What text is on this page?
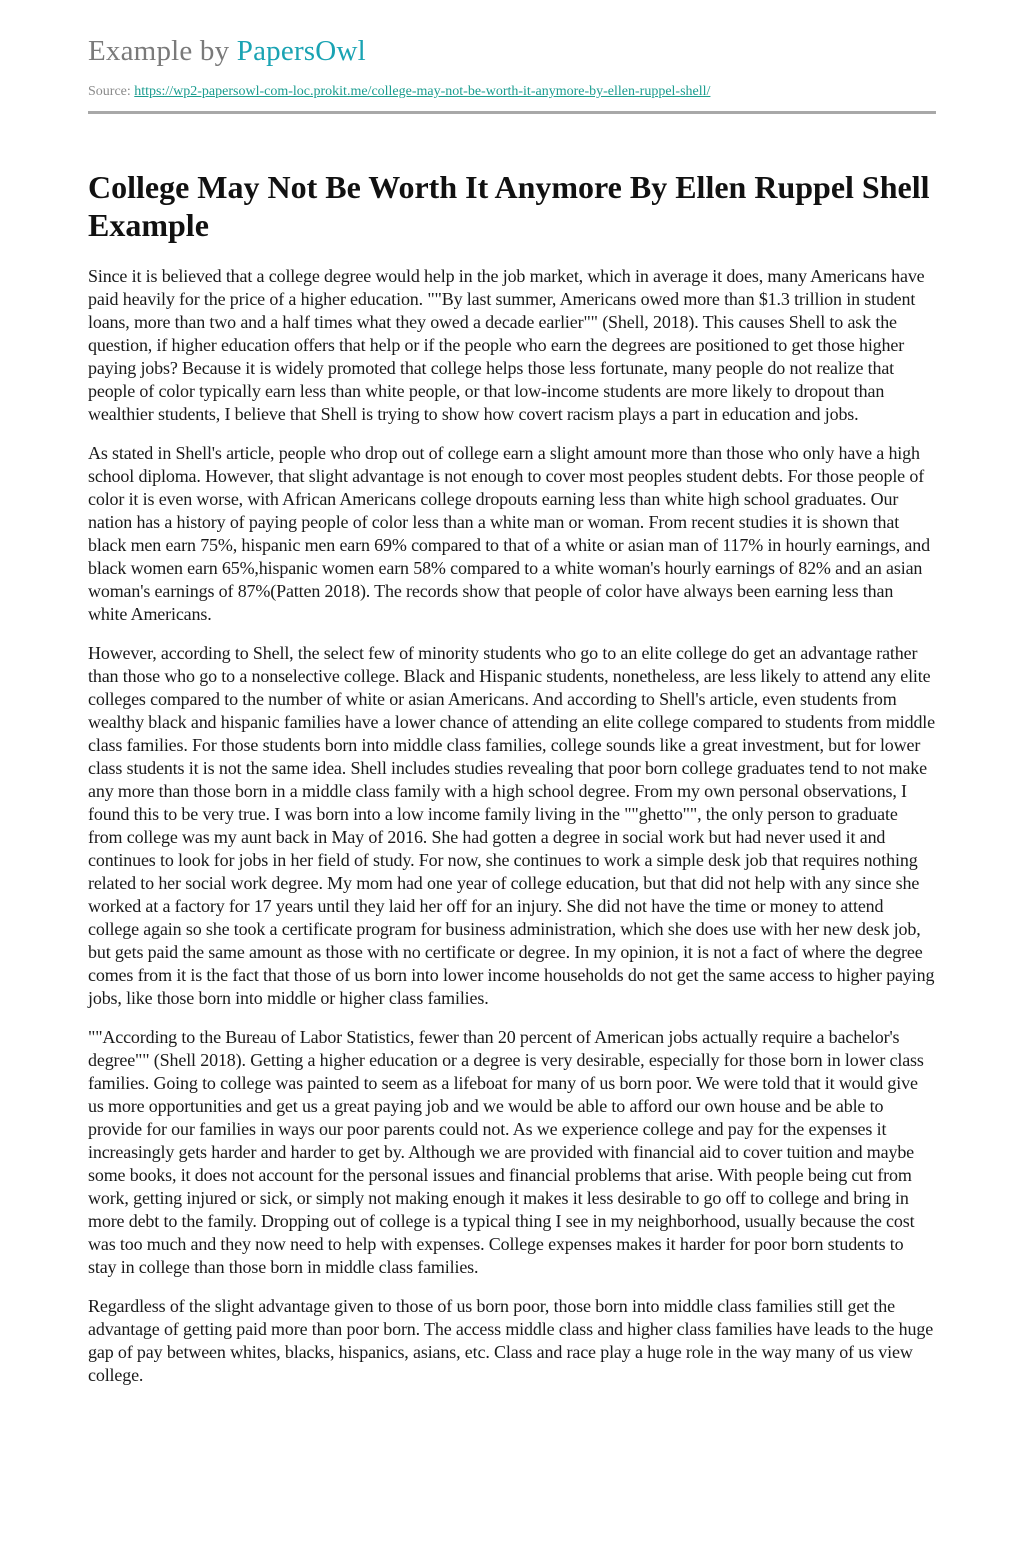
Example by PapersOwl
Source: https://wp2-papersowl-com-loc.prokit.me/college-may-not-be-worth-it-anymore-by-ellen-ruppel-shell/
College May Not Be Worth It Anymore By Ellen Ruppel Shell Example

Since it is believed that a college degree would help in the job market, which in average it does, many Americans have paid heavily for the price of a higher education. ""By last summer, Americans owed more than $1.3 trillion in student loans, more than two and a half times what they owed a decade earlier"" (Shell, 2018). This causes Shell to ask the question, if higher education offers that help or if the people who earn the degrees are positioned to get those higher paying jobs? Because it is widely promoted that college helps those less fortunate, many people do not realize that people of color typically earn less than white people, or that low-income students are more likely to dropout than wealthier students, I believe that Shell is trying to show how covert racism plays a part in education and jobs.

As stated in Shell's article, people who drop out of college earn a slight amount more than those who only have a high school diploma. However, that slight advantage is not enough to cover most peoples student debts. For those people of color it is even worse, with African Americans college dropouts earning less than white high school graduates. Our nation has a history of paying people of color less than a white man or woman. From recent studies it is shown that black men earn 75%, hispanic men earn 69% compared to that of a white or asian man of 117% in hourly earnings, and black women earn 65%,hispanic women earn 58% compared to a white woman's hourly earnings of 82% and an asian woman's earnings of 87%(Patten 2018). The records show that people of color have always been earning less than white Americans.

However, according to Shell, the select few of minority students who go to an elite college do get an advantage rather than those who go to a nonselective college. Black and Hispanic students, nonetheless, are less likely to attend any elite colleges compared to the number of white or asian Americans. And according to Shell's article, even students from wealthy black and hispanic families have a lower chance of attending an elite college compared to students from middle class families. For those students born into middle class families, college sounds like a great investment, but for lower class students it is not the same idea. Shell includes studies revealing that poor born college graduates tend to not make any more than those born in a middle class family with a high school degree. From my own personal observations, I found this to be very true. I was born into a low income family living in the ""ghetto"", the only person to graduate from college was my aunt back in May of 2016. She had gotten a degree in social work but had never used it and continues to look for jobs in her field of study. For now, she continues to work a simple desk job that requires nothing related to her social work degree. My mom had one year of college education, but that did not help with any since she worked at a factory for 17 years until they laid her off for an injury. She did not have the time or money to attend college again so she took a certificate program for business administration, which she does use with her new desk job, but gets paid the same amount as those with no certificate or degree. In my opinion, it is not a fact of where the degree comes from it is the fact that those of us born into lower income households do not get the same access to higher paying jobs, like those born into middle or higher class families.

""According to the Bureau of Labor Statistics, fewer than 20 percent of American jobs actually require a bachelor's degree"" (Shell 2018). Getting a higher education or a degree is very desirable, especially for those born in lower class families. Going to college was painted to seem as a lifeboat for many of us born poor. We were told that it would give us more opportunities and get us a great paying job and we would be able to afford our own house and be able to provide for our families in ways our poor parents could not. As we experience college and pay for the expenses it increasingly gets harder and harder to get by. Although we are provided with financial aid to cover tuition and maybe some books, it does not account for the personal issues and financial problems that arise. With people being cut from work, getting injured or sick, or simply not making enough it makes it less desirable to go off to college and bring in more debt to the family. Dropping out of college is a typical thing I see in my neighborhood, usually because the cost was too much and they now need to help with expenses. College expenses makes it harder for poor born students to stay in college than those born in middle class families.

Regardless of the slight advantage given to those of us born poor, those born into middle class families still get the advantage of getting paid more than poor born. The access middle class and higher class families have leads to the huge gap of pay between whites, blacks, hispanics, asians, etc. Class and race play a huge role in the way many of us view college.
